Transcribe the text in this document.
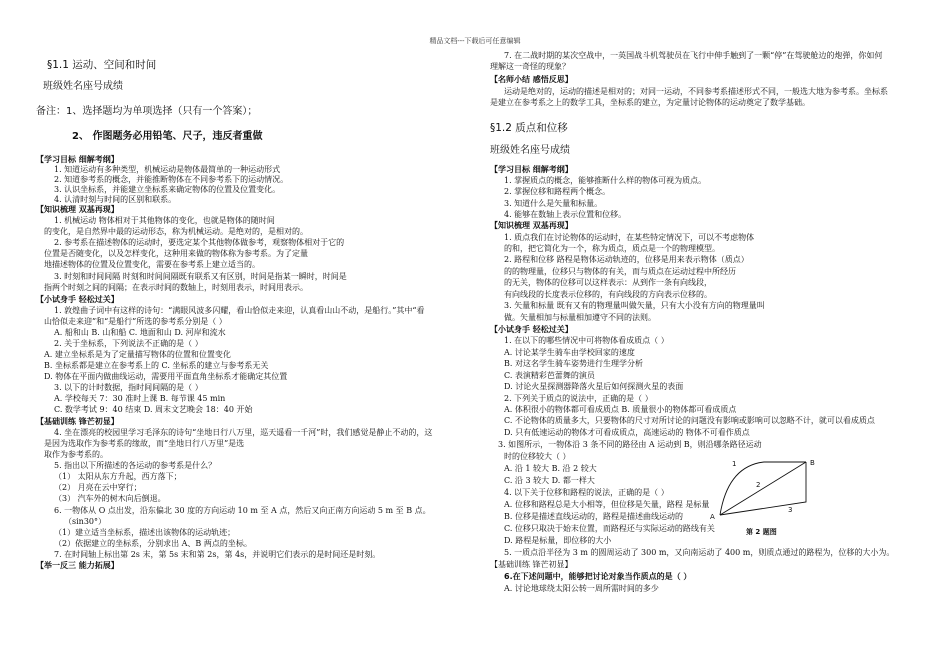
精品文档---下载后可任意编辑
§1.1 运动、空间和时间
班级姓名座号成绩
备注：1、选择题均为单项选择（只有一个答案）；
2、 作图题务必用铅笔、尺子，违反者重做
【学习目标 细解考纲】
1. 知道运动有多种类型，机械运动是物体最简单的一种运动形式
2. 知道参考系的概念，并能推断物体在不同参考系下的运动情况。
3. 认识坐标系，并能建立坐标系来确定物体的位置及位置变化。
4. 认清时刻与时间的区别和联系。
【知识梳理 双基再现】
1. 机械运动 物体相对于其他物体的变化，也就是物体的随时间
的变化，是自然界中最的运动形态，称为机械运动。是绝对的，是相对的。
2. 参考系在描述物体的运动时，要选定某个其他物体做参考，观察物体相对于它的
位置是否随变化，以及怎样变化，这种用来做的物体称为参考系。为了定量
地描述物体的位置及位置变化，需要在参考系上建立适当的。
3. 时刻和时间间隔 时刻和时间间隔既有联系又有区别，时间是指某一瞬时，时间是
指两个时刻之间的间隔；在表示时间的数轴上，时刻用表示，时间用表示。
【小试身手 轻松过关】
1. 敦煌曲子词中有这样的诗句：“满眼风波多闪耀，看山恰似走来迎，认真看山山不动，是船行。”其中“看
山恰似走来迎”和“是船行”所选的参考系分别是（ ）
A. 船和山 B. 山和船 C. 地面和山 D. 河岸和流水
2. 关于坐标系，下列说法不正确的是（ ）
A. 建立坐标系是为了定量描写物体的位置和位置变化
B. 坐标系都是建立在参考系上的 C. 坐标系的建立与参考系无关
D. 物体在平面内做曲线运动，需要用平面直角坐标系才能确定其位置
3. 以下的计时数据，指时间间隔的是（ ）
A. 学校每天 7：30 准时上课 B. 每节课 45 min
C. 数学考试 9：40 结束 D. 周末文艺晚会 18：40 开始
【基础训练 锋芒初显】
4. 坐在漂亮的校园里学习毛泽东的诗句“坐地日行八万里，巡天遥看一千河”时，我们感觉是静止不动的，这
是因为选取作为参考系的缘故，而“坐地日行八万里”是选
取作为参考系的。
5. 指出以下所描述的各运动的参考系是什么？
（1） 太阳从东方升起，西方落下；
（2） 月亮在云中穿行；
（3） 汽车外的树木向后倒退。
6. 一物体从 O 点出发，沿东偏北 30 度的方向运动 10 m 至 A 点，然后又向正南方向运动 5 m 至 B 点。
（sin30°）
（1）建立适当坐标系，描述出该物体的运动轨迹；
（2）依据建立的坐标系，分别求出 A、B 两点的坐标。
7. 在时间轴上标出第 2s 末，第 5s 末和第 2s，第 4s，并说明它们表示的是时间还是时刻。
【举一反三 能力拓展】
7. 在二战时期的某次空战中，一英国战斗机驾驶员在飞行中伸手触到了一颗“停”在驾驶舱边的炮弹，你如何
理解这一奇怪的现象？
【名师小结 感悟反思】
运动是绝对的，运动的描述是相对的；对同一运动，不同参考系描述形式不同，一般选大地为参考系。坐标系
是建立在参考系之上的数学工具，坐标系的建立，为定量讨论物体的运动奠定了数学基础。
§1.2 质点和位移
班级姓名座号成绩
【学习目标 细解考纲】
1. 掌握质点的概念，能够推断什么样的物体可视为质点。
2. 掌握位移和路程两个概念。
3. 知道什么是矢量和标量。
4. 能够在数轴上表示位置和位移。
【知识梳理 双基再现】
1. 质点我们在讨论物体的运动时，在某些特定情况下，可以不考虑物体
的和，把它简化为一个，称为质点，质点是一个的物理模型。
2. 路程和位移 路程是物体运动轨迹的，位移是用来表示物体（质点）
的的物理量，位移只与物体的有关，而与质点在运动过程中所经历
的无关，物体的位移可以这样表示：从到作一条有向线段，
有向线段的长度表示位移的，有向线段的方向表示位移的。
3. 矢量和标量 既有又有的物理量叫做矢量，只有大小没有方向的物理量叫
做。矢量相加与标量相加遵守不同的法则。
【小试身手 轻松过关】
1. 在以下的哪些情况中可将物体看成质点（ ）
A. 讨论某学生骑车由学校回家的速度
B. 对这名学生骑车姿势进行生理学分析
C. 表演精彩芭蕾舞的演员
D. 讨论火星探测器降落火星后如何探测火星的表面
2. 下列关于质点的说法中，正确的是（ ）
A. 体积很小的物体都可看成质点 B. 质量很小的物体都可看成质点
C. 不论物体的质量多大，只要物体的尺寸对所讨论的问题没有影响或影响可以忽略不计，就可以看成质点
D. 只有低速运动的物体才可看成质点，高速运动的 物体不可看作质点
3. 如图所示，一物体沿 3 条不同的路径由 A 运动到 B，则沿哪条路径运动
时的位移较大（ ）
A. 沿 1 较大 B. 沿 2 较大
C. 沿 3 较大 D. 都一样大
4. 以下关于位移和路程的说法，正确的是（ ）
A. 位移和路程总是大小相等，但位移是矢量，路程 是标量
B. 位移是描述直线运动的，路程是描述曲线运动的
C. 位移只取决于始末位置，而路程还与实际运动的路线有关
D. 路程是标量，即位移的大小
5. 一质点沿半径为 3 m 的圆周运动了 300 m，又向南运动了 400 m，则质点通过的路程为，位移的大小为。
【基础训练 锋芒初显】
6.在下述问题中，能够把讨论对象当作质点的是（ ）
A. 讨论地球绕太阳公转一周所需时间的多少
1
2
3
A
B
第 2 题图
